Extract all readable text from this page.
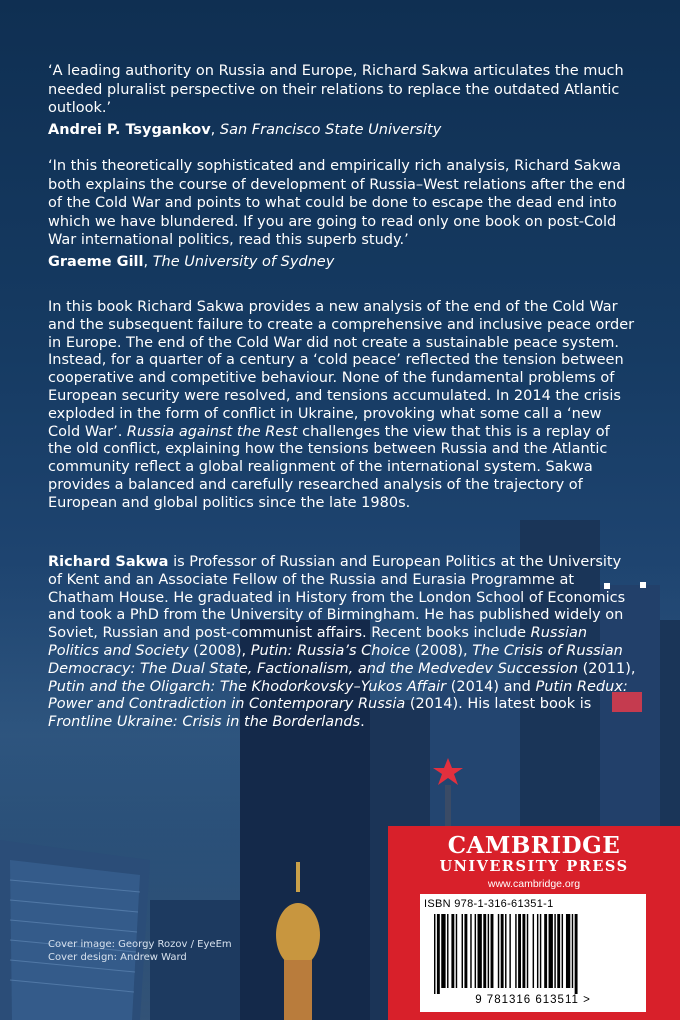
‘A leading authority on Russia and Europe, Richard Sakwa articulates the much needed pluralist perspective on their relations to replace the outdated Atlantic outlook.’

Andrei P. Tsygankov, San Francisco State University

‘In this theoretically sophisticated and empirically rich analysis, Richard Sakwa both explains the course of development of Russia–West relations after the end of the Cold War and points to what could be done to escape the dead end into which we have blundered. If you are going to read only one book on post-Cold War international politics, read this superb study.’

Graeme Gill, The University of Sydney

In this book Richard Sakwa provides a new analysis of the end of the Cold War and the subsequent failure to create a comprehensive and inclusive peace order in Europe. The end of the Cold War did not create a sustainable peace system. Instead, for a quarter of a century a ‘cold peace’ reflected the tension between cooperative and competitive behaviour. None of the fundamental problems of European security were resolved, and tensions accumulated. In 2014 the crisis exploded in the form of conflict in Ukraine, provoking what some call a ‘new Cold War’. Russia against the Rest challenges the view that this is a replay of the old conflict, explaining how the tensions between Russia and the Atlantic community reflect a global realignment of the international system. Sakwa provides a balanced and carefully researched analysis of the trajectory of European and global politics since the late 1980s.

Richard Sakwa is Professor of Russian and European Politics at the University of Kent and an Associate Fellow of the Russia and Eurasia Programme at Chatham House. He graduated in History from the London School of Economics and took a PhD from the University of Birmingham. He has published widely on Soviet, Russian and post-communist affairs. Recent books include Russian Politics and Society (2008), Putin: Russia’s Choice (2008), The Crisis of Russian Democracy: The Dual State, Factionalism, and the Medvedev Succession (2011), Putin and the Oligarch: The Khodorkovsky–Yukos Affair (2014) and Putin Redux: Power and Contradiction in Contemporary Russia (2014). His latest book is Frontline Ukraine: Crisis in the Borderlands.

Cover image: Georgy Rozov / EyeEm
Cover design: Andrew Ward
CAMBRIDGE
UNIVERSITY PRESS
www.cambridge.org
ISBN 978-1-316-61351-1
9 781316 613511 >
